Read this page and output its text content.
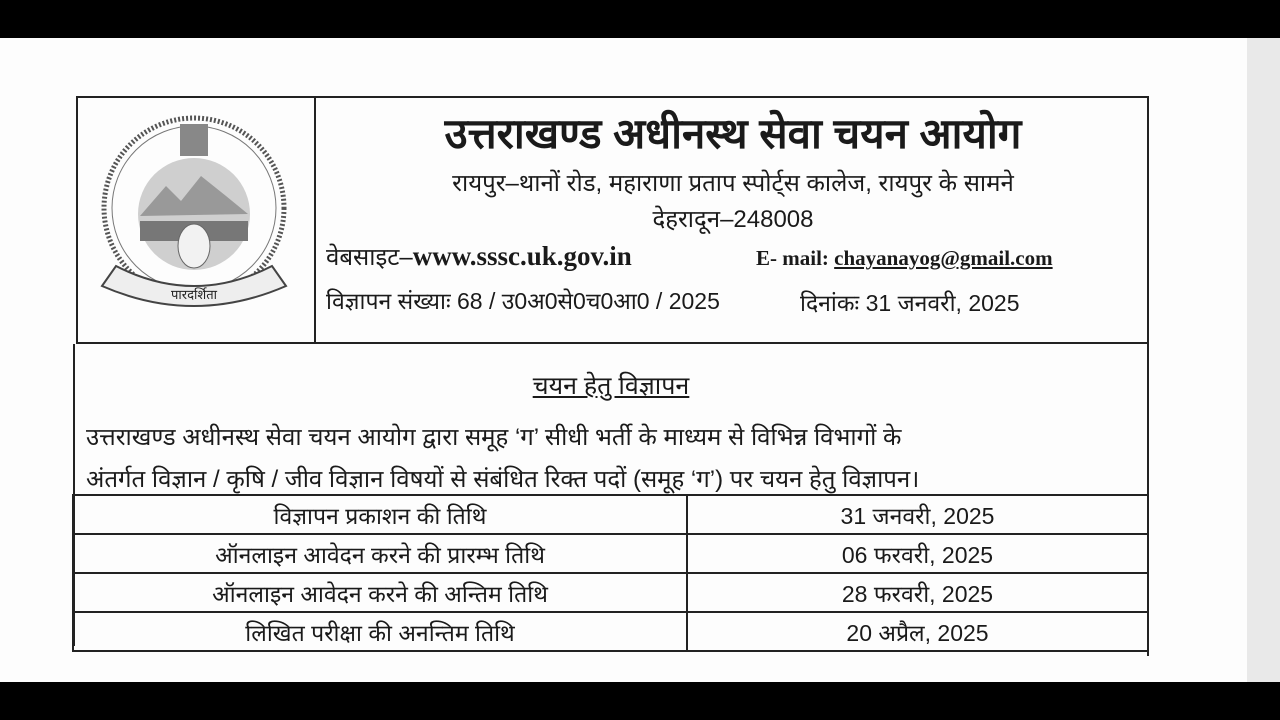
पारदर्शिता
उत्तराखण्ड अधीनस्थ सेवा चयन आयोग
रायपुर–थानों रोड, महाराणा प्रताप स्पोर्ट्स कालेज, रायपुर के सामने
देहरादून–248008
वेबसाइट–www.sssc.uk.gov.in	E- mail: chayanayog@gmail.com
विज्ञापन संख्याः 68 / उ0अ0से0च0आ0 / 2025	दिनांकः 31 जनवरी, 2025
चयन हेतु विज्ञापन
उत्तराखण्ड अधीनस्थ सेवा चयन आयोग द्वारा समूह ‘ग’ सीधी भर्ती के माध्यम से विभिन्न विभागों के
अंतर्गत विज्ञान / कृषि / जीव विज्ञान विषयों से संबंधित रिक्त पदों (समूह ‘ग’) पर चयन हेतु विज्ञापन।
विज्ञापन प्रकाशन की तिथि	31 जनवरी, 2025
ऑनलाइन आवेदन करने की प्रारम्भ तिथि	06 फरवरी, 2025
ऑनलाइन आवेदन करने की अन्तिम तिथि	28 फरवरी, 2025
लिखित परीक्षा की अनन्तिम तिथि	20 अप्रैल, 2025
